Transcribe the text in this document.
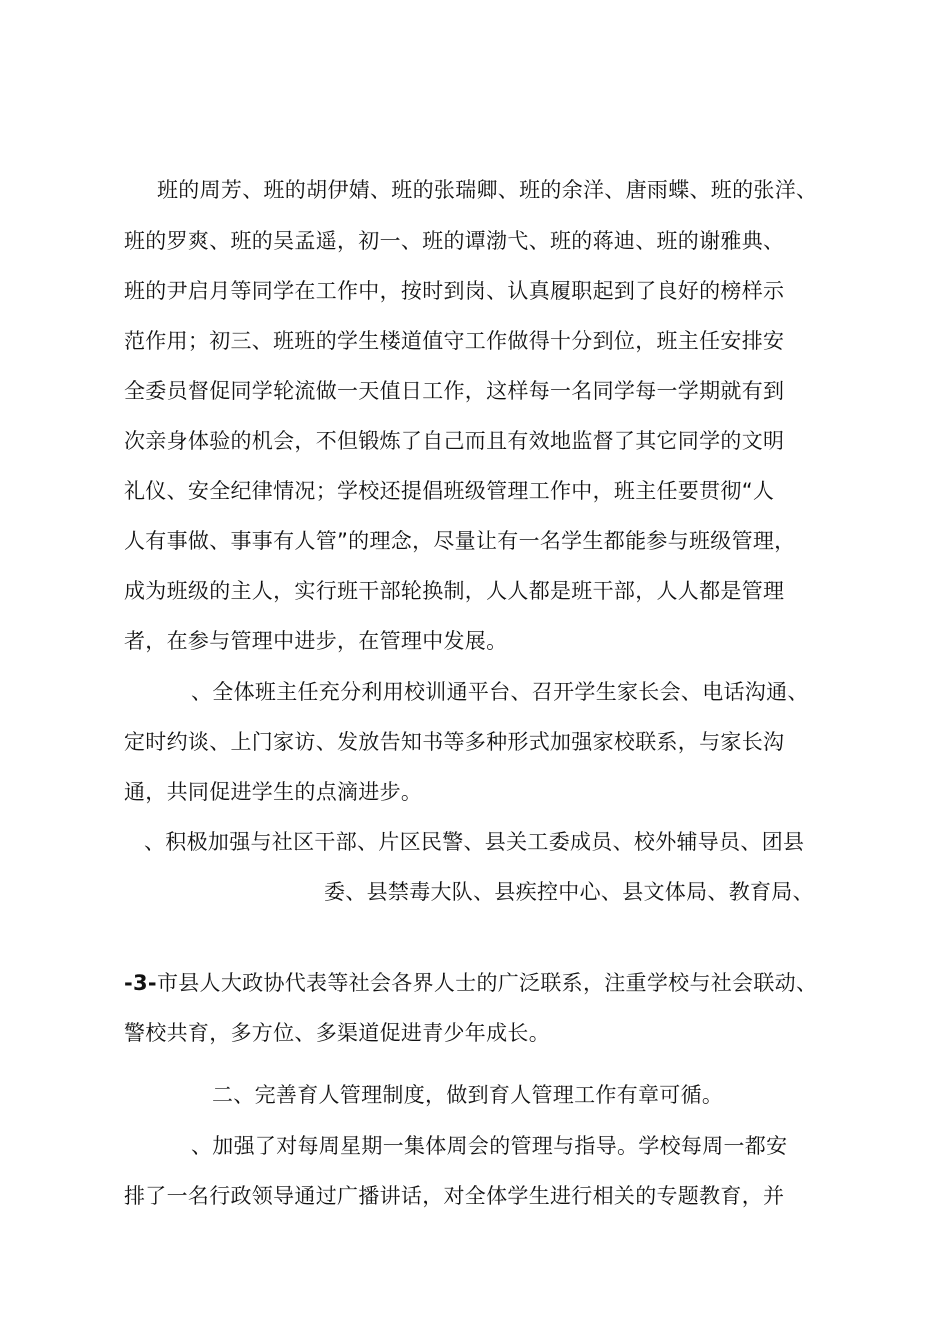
班的周芳、班的胡伊婧、班的张瑞卿、班的余洋、唐雨蝶、班的张洋、
班的罗爽、班的吴孟遥，初一、班的谭渤弋、班的蒋迪、班的谢雅典、
班的尹启月等同学在工作中，按时到岗、认真履职起到了良好的榜样示
范作用；初三、班班的学生楼道值守工作做得十分到位，班主任安排安
全委员督促同学轮流做一天值日工作，这样每一名同学每一学期就有到
次亲身体验的机会，不但锻炼了自己而且有效地监督了其它同学的文明
礼仪、安全纪律情况；学校还提倡班级管理工作中，班主任要贯彻“人
人有事做、事事有人管”的理念，尽量让有一名学生都能参与班级管理，
成为班级的主人，实行班干部轮换制，人人都是班干部，人人都是管理
者，在参与管理中进步，在管理中发展。
、全体班主任充分利用校训通平台、召开学生家长会、电话沟通、
定时约谈、上门家访、发放告知书等多种形式加强家校联系，与家长沟
通，共同促进学生的点滴进步。
、积极加强与社区干部、片区民警、县关工委成员、校外辅导员、团县
委、县禁毒大队、县疾控中心、县文体局、教育局、
-3-市县人大政协代表等社会各界人士的广泛联系，注重学校与社会联动、
警校共育，多方位、多渠道促进青少年成长。
二、完善育人管理制度，做到育人管理工作有章可循。
、加强了对每周星期一集体周会的管理与指导。学校每周一都安
排了一名行政领导通过广播讲话，对全体学生进行相关的专题教育，并
